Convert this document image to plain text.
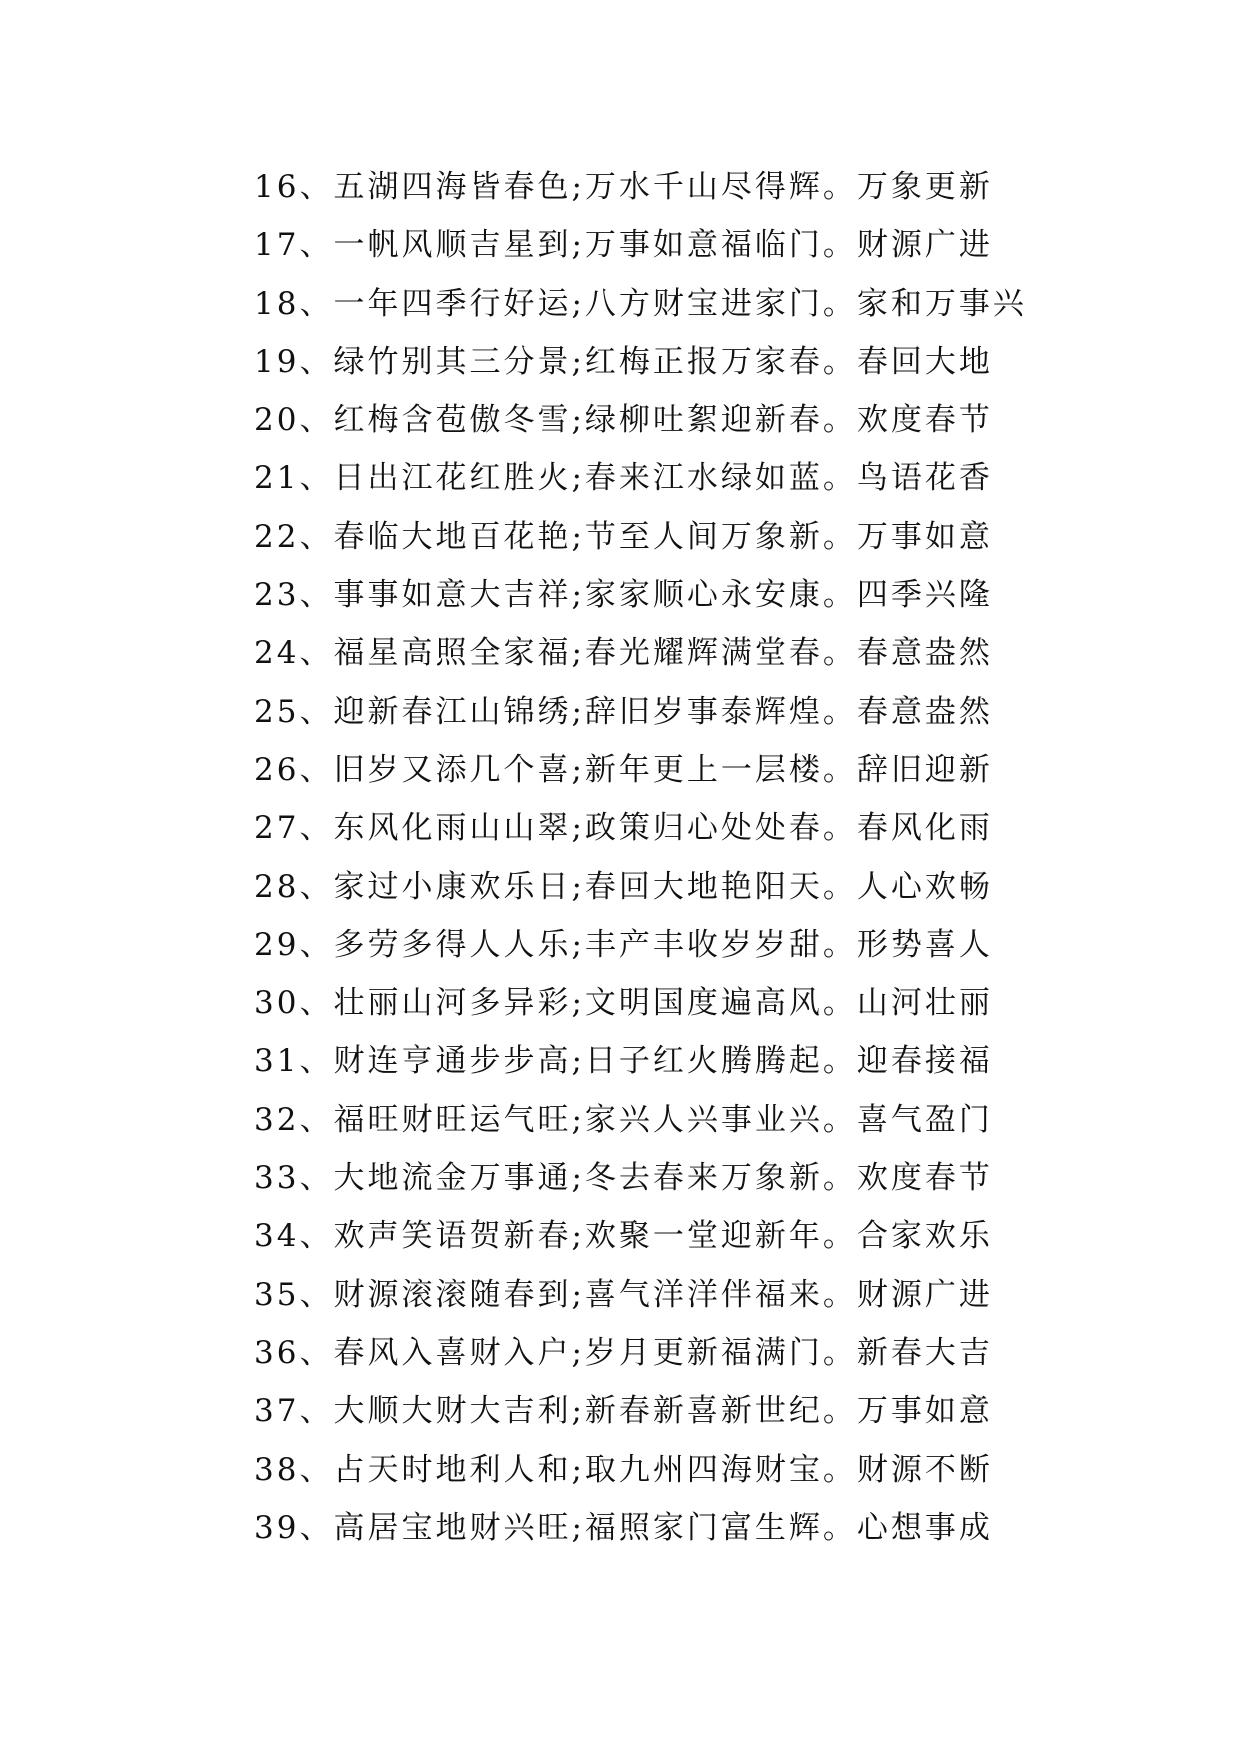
16、五湖四海皆春色;万水千山尽得辉。万象更新
17、一帆风顺吉星到;万事如意福临门。财源广进
18、一年四季行好运;八方财宝进家门。家和万事兴
19、绿竹别其三分景;红梅正报万家春。春回大地
20、红梅含苞傲冬雪;绿柳吐絮迎新春。欢度春节
21、日出江花红胜火;春来江水绿如蓝。鸟语花香
22、春临大地百花艳;节至人间万象新。万事如意
23、事事如意大吉祥;家家顺心永安康。四季兴隆
24、福星高照全家福;春光耀辉满堂春。春意盎然
25、迎新春江山锦绣;辞旧岁事泰辉煌。春意盎然
26、旧岁又添几个喜;新年更上一层楼。辞旧迎新
27、东风化雨山山翠;政策归心处处春。春风化雨
28、家过小康欢乐日;春回大地艳阳天。人心欢畅
29、多劳多得人人乐;丰产丰收岁岁甜。形势喜人
30、壮丽山河多异彩;文明国度遍高风。山河壮丽
31、财连亨通步步高;日子红火腾腾起。迎春接福
32、福旺财旺运气旺;家兴人兴事业兴。喜气盈门
33、大地流金万事通;冬去春来万象新。欢度春节
34、欢声笑语贺新春;欢聚一堂迎新年。合家欢乐
35、财源滚滚随春到;喜气洋洋伴福来。财源广进
36、春风入喜财入户;岁月更新福满门。新春大吉
37、大顺大财大吉利;新春新喜新世纪。万事如意
38、占天时地利人和;取九州四海财宝。财源不断
39、高居宝地财兴旺;福照家门富生辉。心想事成
